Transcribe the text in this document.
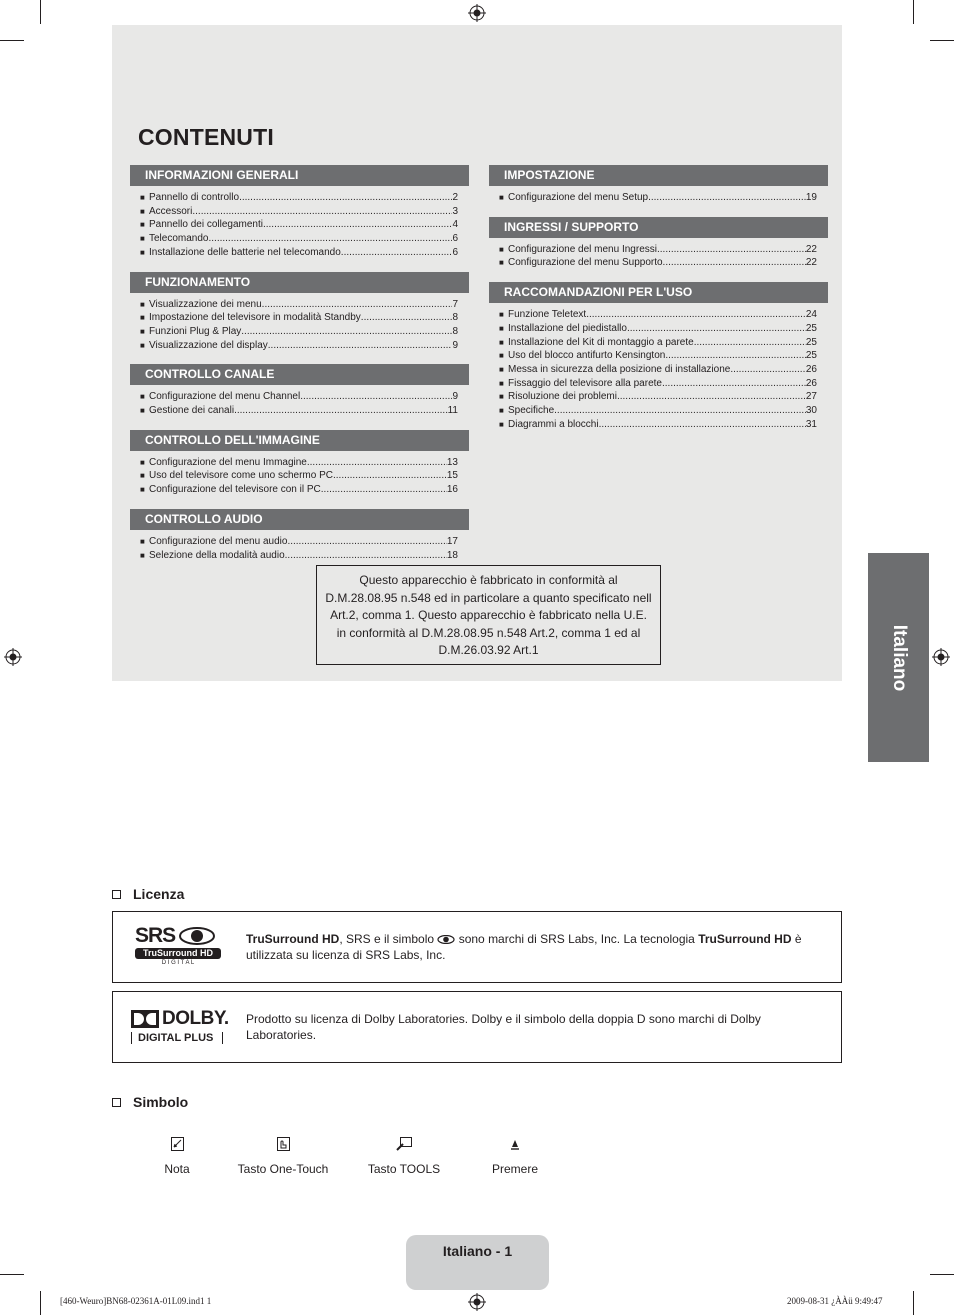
CONTENUTI
INFORMAZIONI GENERALI
■ Pannello di controllo .....	2
■ Accessori .....	3
■ Pannello dei collegamenti .....	4
■ Telecomando .....	6
■ Installazione delle batterie nel telecomando .....	6
FUNZIONAMENTO
■ Visualizzazione dei menu .....	7
■ Impostazione del televisore in modalità Standby .....	8
■ Funzioni Plug & Play .....	8
■ Visualizzazione del display .....	9
CONTROLLO CANALE
■ Configurazione del menu Channel .....	9
■ Gestione dei canali .....	11
CONTROLLO DELL'IMMAGINE
■ Configurazione del menu Immagine .....	13
■ Uso del televisore come uno schermo PC .....	15
■ Configurazione del televisore con il PC .....	16
CONTROLLO AUDIO
■ Configurazione del menu audio .....	17
■ Selezione della modalità audio .....	18
IMPOSTAZIONE
■ Configurazione del menu Setup .....	19
INGRESSI / SUPPORTO
■ Configurazione del menu Ingressi .....	22
■ Configurazione del menu Supporto .....	22
RACCOMANDAZIONI PER L'USO
■ Funzione Teletext .....	24
■ Installazione del piedistallo .....	25
■ Installazione del Kit di montaggio a parete .....	25
■ Uso del blocco antifurto Kensington .....	25
■ Messa in sicurezza della posizione di installazione .....	26
■ Fissaggio del televisore alla parete .....	26
■ Risoluzione dei problemi .....	27
■ Specifiche .....	30
■ Diagrammi a blocchi .....	31
Questo apparecchio è fabbricato in conformità al
D.M.28.08.95 n.548 ed in particolare a quanto specificato nell
Art.2, comma 1. Questo apparecchio è fabbricato nella U.E.
in conformità al D.M.28.08.95 n.548 Art.2, comma 1 ed al
D.M.26.03.92 Art.1	Italiano
Licenza
SRS
TruSurround HD
D I G I T A L
TruSurround HD, SRS e il simbolo  sono marchi di SRS Labs, Inc. La tecnologia TruSurround HD è utilizzata su licenza di SRS Labs, Inc.
DOLBY.
DIGITAL PLUS
Prodotto su licenza di Dolby Laboratories. Dolby e il simbolo della doppia D sono marchi di Dolby Laboratories.
Simbolo
Nota	Tasto One-Touch	Tasto TOOLS	Premere
Italiano - 1
[460-Weuro]BN68-02361A-01L09.ind1 1	2009-08-31 ¿ÀÀü 9:49:47
